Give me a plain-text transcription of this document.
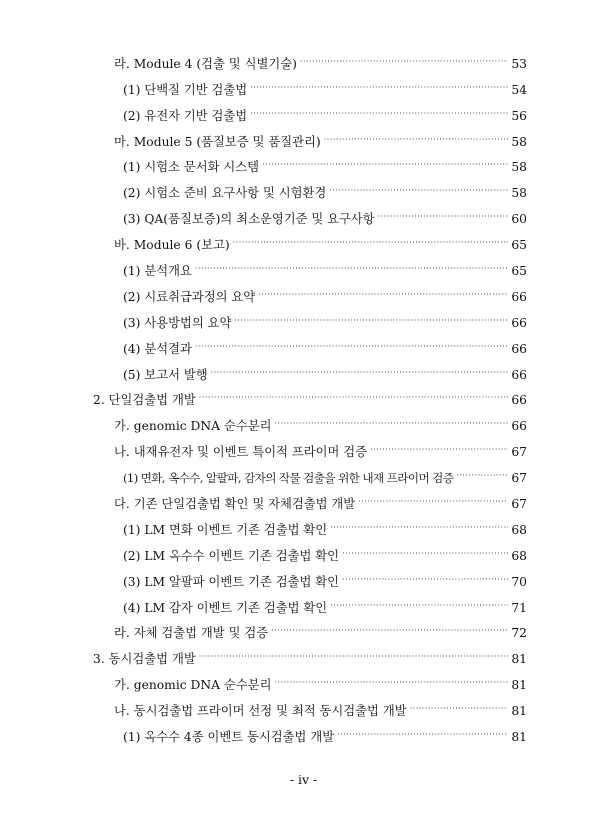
라. Module 4 (검출 및 식별기술) ·····	53
(1) 단백질 기반 검출법 ·····	54
(2) 유전자 기반 검출법 ·····	56
마. Module 5 (품질보증 및 품질관리) ·····	58
(1) 시험소 문서화 시스템 ·····	58
(2) 시험소 준비 요구사항 및 시험환경 ·····	58
(3) QA(품질보증)의 최소운영기준 및 요구사항 ·····	60
바. Module 6 (보고) ·····	65
(1) 분석개요 ·····	65
(2) 시료취급과정의 요약 ·····	66
(3) 사용방법의 요약 ·····	66
(4) 분석결과 ·····	66
(5) 보고서 발행 ·····	66
2. 단일검출법 개발 ·····	66
가. genomic DNA 순수분리 ·····	66
나. 내재유전자 및 이벤트 특이적 프라이머 검증 ·····	67
(1) 면화, 옥수수, 알팔파, 감자의 작물 검출을 위한 내재 프라이머 검증 ·····	67
다. 기존 단일검출법 확인 및 자체검출법 개발 ·····	67
(1) LM 면화 이벤트 기존 검출법 확인 ·····	68
(2) LM 옥수수 이벤트 기존 검출법 확인 ·····	68
(3) LM 알팔파 이벤트 기존 검출법 확인 ·····	70
(4) LM 감자 이벤트 기존 검출법 확인 ·····	71
라. 자체 검출법 개발 및 검증 ·····	72
3. 동시검출법 개발 ·····	81
가. genomic DNA 순수분리 ·····	81
나. 동시검출법 프라이머 선정 및 최적 동시검출법 개발 ·····	81
(1) 옥수수 4종 이벤트 동시검출법 개발 ·····	81
- iv -
